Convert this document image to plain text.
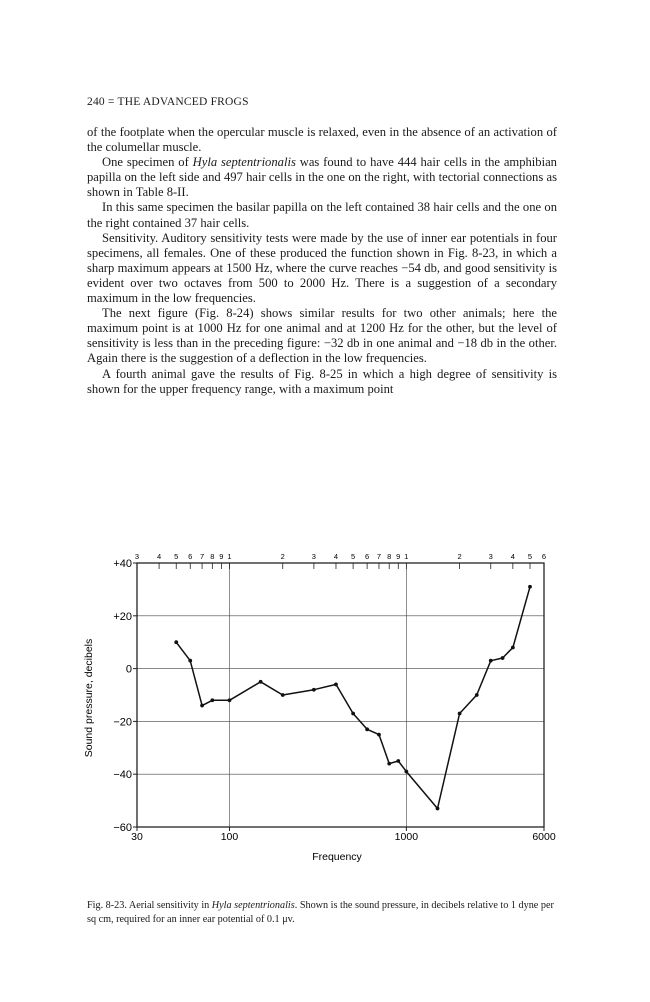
240 = THE ADVANCED FROGS

of the footplate when the opercular muscle is relaxed, even in the absence of an activation of the columellar muscle.

One specimen of Hyla septentrionalis was found to have 444 hair cells in the amphibian papilla on the left side and 497 hair cells in the one on the right, with tectorial connections as shown in Table 8-II.

In this same specimen the basilar papilla on the left contained 38 hair cells and the one on the right contained 37 hair cells.

Sensitivity. Auditory sensitivity tests were made by the use of inner ear potentials in four specimens, all females. One of these produced the function shown in Fig. 8-23, in which a sharp maximum appears at 1500 Hz, where the curve reaches −54 db, and good sensitivity is evident over two octaves from 500 to 2000 Hz. There is a suggestion of a secondary maximum in the low frequencies.

The next figure (Fig. 8-24) shows similar results for two other animals; here the maximum point is at 1000 Hz for one animal and at 1200 Hz for the other, but the level of sensitivity is less than in the preceding figure: −32 db in one animal and −18 db in the other. Again there is the suggestion of a deflection in the low frequencies.

A fourth animal gave the results of Fig. 8-25 in which a high degree of sensitivity is shown for the upper frequency range, with a maximum point

3 4 5 6 7 8 9 1	2	3 4 5 6 7 8 9 1	2	3 4 5 6
+40
+20
0
−20
−40
−60
30	100	1000	6000
Frequency
Sound pressure, decibels
Fig. 8-23. Aerial sensitivity in Hyla septentrionalis. Shown is the sound pressure, in decibels relative to 1 dyne per sq cm, required for an inner ear potential of 0.1 μv.
